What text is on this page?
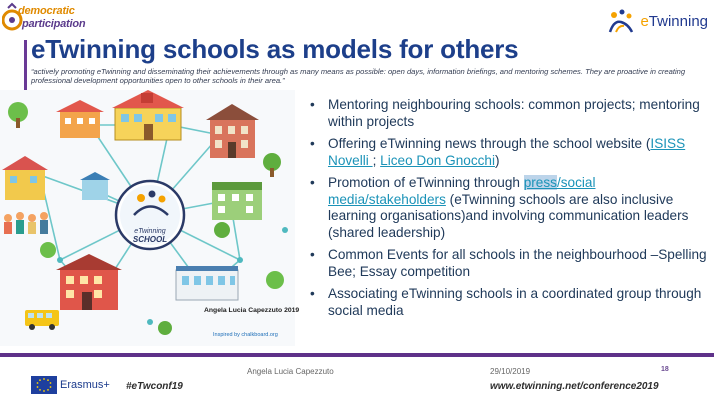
democratic
participation	eTwinning
eTwinning schools as models for others

“actively promoting eTwinning and disseminating their achievements through as many means as possible: open days, information briefings, and mentoring schemes. They are proactive in creating professional development opportunities open to other schools in their area.”

eTwinning
SCHOOL
Angela Lucia Capezzuto 2019
Inspired by chalkboard.org
• Mentoring neighbouring schools: common projects; mentoring within projects
• Offering eTwinning news through the school website (ISISS Novelli ; Liceo Don Gnocchi)
• Promotion of eTwinning through press/social media/stakeholders (eTwinning schools are also inclusive learning organisations)and involving communication leaders (shared leadership)
• Common Events for all schools in the neighbourhood –Spelling Bee; Essay competition
• Associating eTwinning schools in a coordinated group through social media
Angela Lucia Capezzuto	29/10/2019	18
#eTwconf19	www.etwinning.net/conference2019
Erasmus+
